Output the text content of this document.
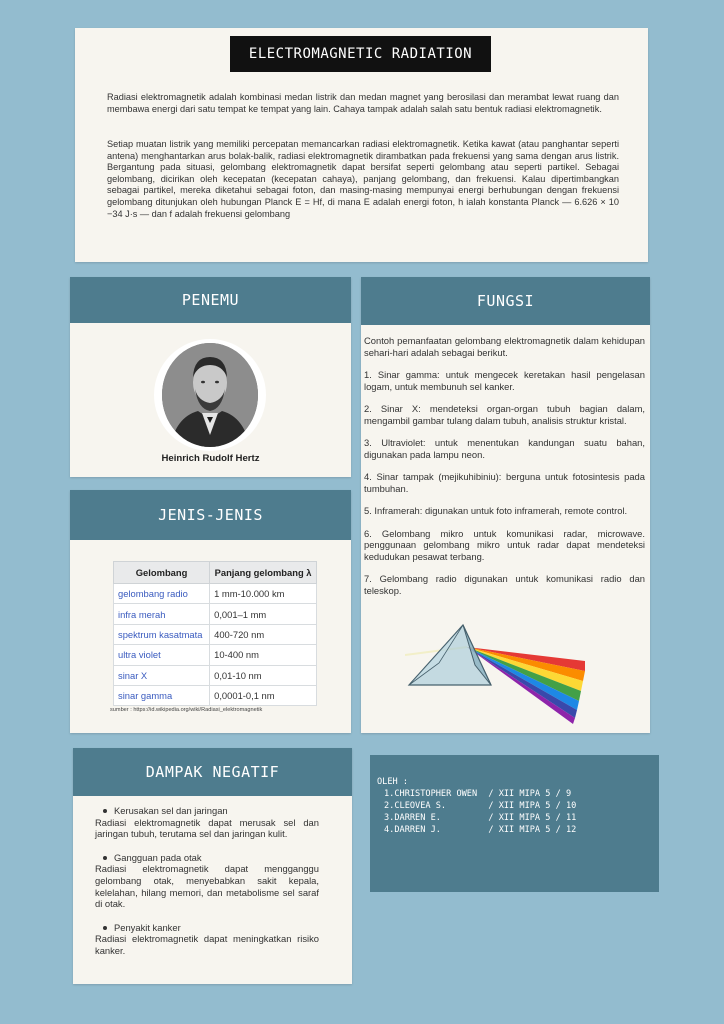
ELECTROMAGNETIC RADIATION

Radiasi elektromagnetik adalah kombinasi medan listrik dan medan magnet yang berosilasi dan merambat lewat ruang dan membawa energi dari satu tempat ke tempat yang lain. Cahaya tampak adalah salah satu bentuk radiasi elektromagnetik.

Setiap muatan listrik yang memiliki percepatan memancarkan radiasi elektromagnetik. Ketika kawat (atau panghantar seperti antena) menghantarkan arus bolak-balik, radiasi elektromagnetik dirambatkan pada frekuensi yang sama dengan arus listrik. Bergantung pada situasi, gelombang elektromagnetik dapat bersifat seperti gelombang atau seperti partikel. Sebagai gelombang, dicirikan oleh kecepatan (kecepatan cahaya), panjang gelombang, dan frekuensi. Kalau dipertimbangkan sebagai partikel, mereka diketahui sebagai foton, dan masing-masing mempunyai energi berhubungan dengan frekuensi gelombang ditunjukan oleh hubungan Planck E = Hf, di mana E adalah energi foton, h ialah konstanta Planck — 6.626 × 10 −34 J·s — dan f adalah frekuensi gelombang

PENEMU
Heinrich Rudolf Hertz
JENIS-JENIS
Gelombang	Panjang gelombang λ
gelombang radio	1 mm-10.000 km
infra merah	0,001–1 mm
spektrum kasatmata	400-720 nm
ultra violet	10-400 nm
sinar X	0,01-10 nm
sinar gamma	0,0001-0,1 nm
sumber : https://id.wikipedia.org/wiki/Radiasi_elektromagnetik
FUNGSI

Contoh pemanfaatan gelombang elektromagnetik dalam kehidupan sehari-hari adalah sebagai berikut.

1. Sinar gamma: untuk mengecek keretakan hasil pengelasan logam, untuk membunuh sel kanker.

2. Sinar X: mendeteksi organ-organ tubuh bagian dalam, mengambil gambar tulang dalam tubuh, analisis struktur kristal.

3. Ultraviolet: untuk menentukan kandungan suatu bahan, digunakan pada lampu neon.

4. Sinar tampak (mejikuhibiniu): berguna untuk fotosintesis pada tumbuhan.

5. Inframerah: digunakan untuk foto inframerah, remote control.

6. Gelombang mikro untuk komunikasi radar, microwave. penggunaan gelombang mikro untuk radar dapat mendeteksi kedudukan pesawat terbang.

7. Gelombang radio digunakan untuk komunikasi radio dan teleskop.

DAMPAK NEGATIF
Kerusakan sel dan jaringan
Radiasi elektromagnetik dapat merusak sel dan jaringan tubuh, terutama sel dan jaringan kulit.
Gangguan pada otak
Radiasi elektromagnetik dapat mengganggu gelombang otak, menyebabkan sakit kepala, kelelahan, hilang memori, dan metabolisme sel saraf di otak.
Penyakit kanker
Radiasi elektromagnetik dapat meningkatkan risiko kanker.
OLEH :
1. CHRISTOPHER OWEN	/ XII MIPA 5 / 9
2. CLEOVEA S.	/ XII MIPA 5 / 10
3. DARREN E.	/ XII MIPA 5 / 11
4. DARREN J.	/ XII MIPA 5 / 12
